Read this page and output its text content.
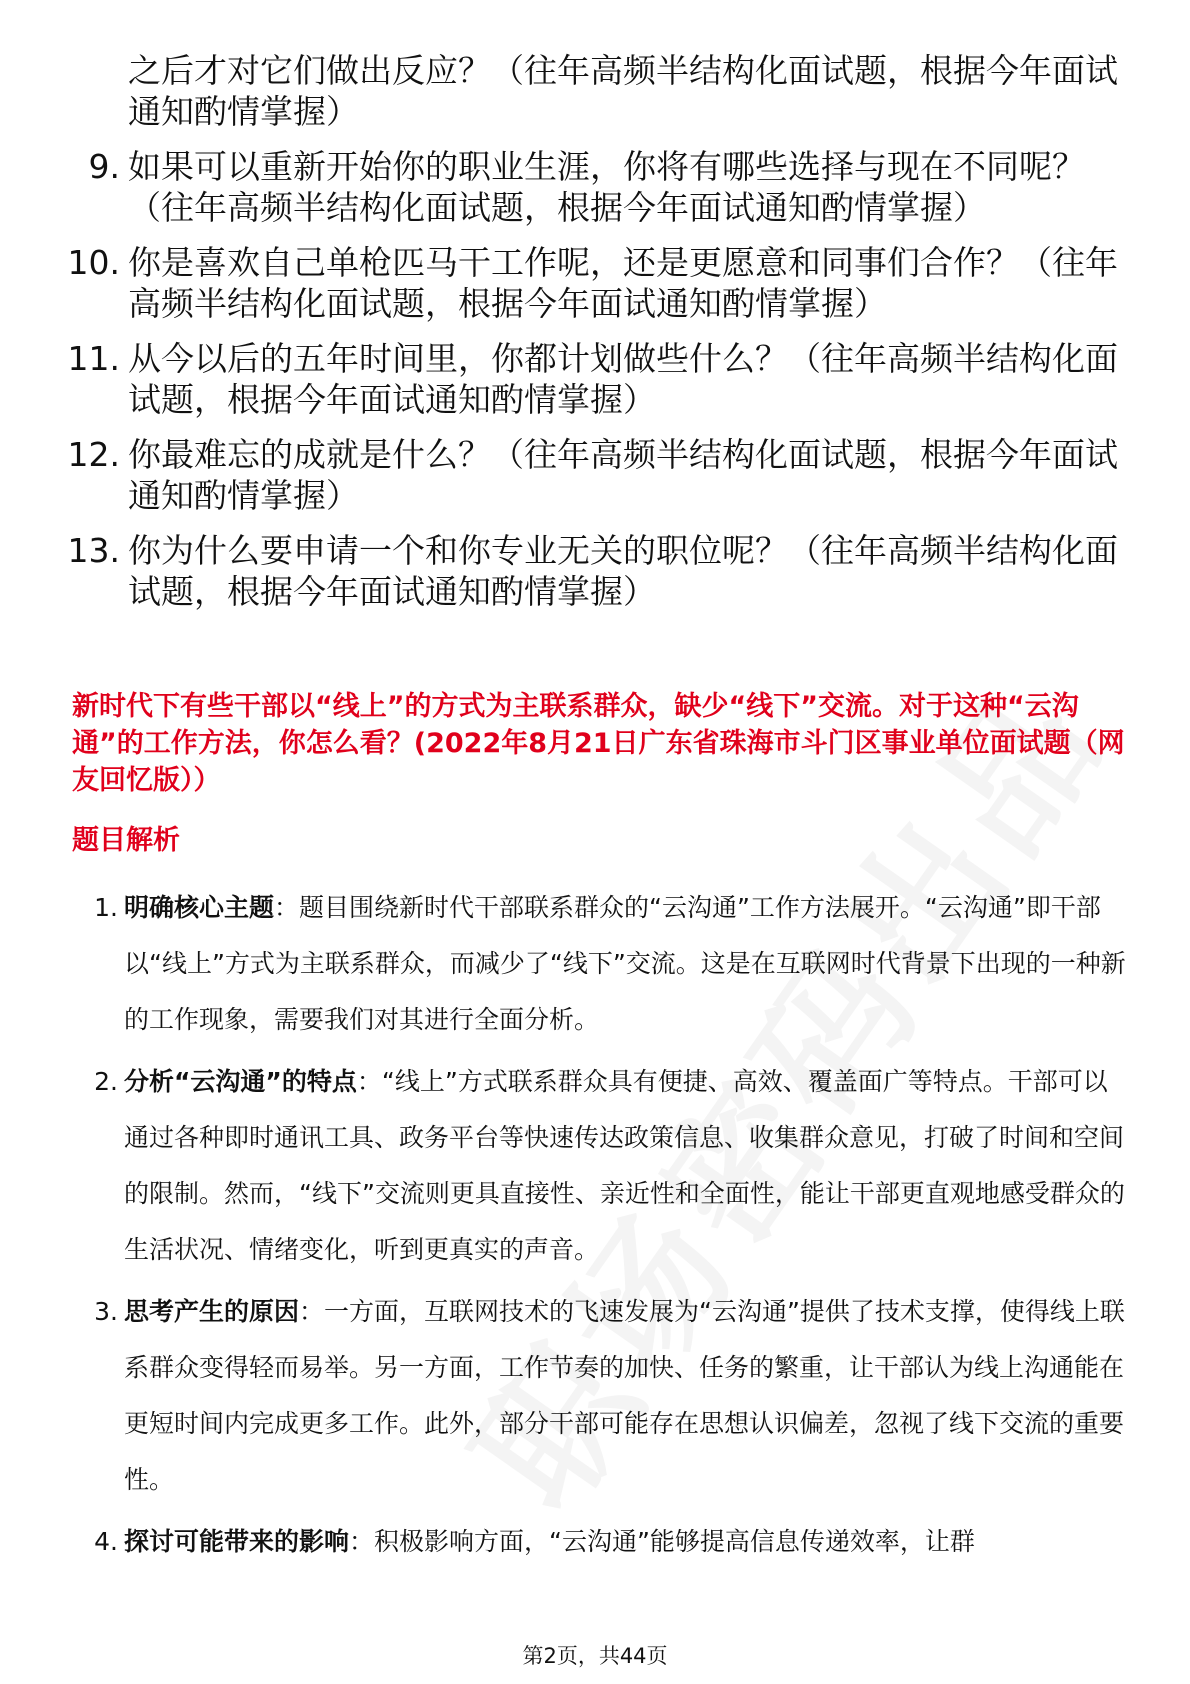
之后才对它们做出反应？（往年高频半结构化面试题，根据今年面试通知酌情掌握）
9. 如果可以重新开始你的职业生涯，你将有哪些选择与现在不同呢？（往年高频半结构化面试题，根据今年面试通知酌情掌握）
10. 你是喜欢自己单枪匹马干工作呢，还是更愿意和同事们合作？（往年高频半结构化面试题，根据今年面试通知酌情掌握）
11. 从今以后的五年时间里，你都计划做些什么？（往年高频半结构化面试题，根据今年面试通知酌情掌握）
12. 你最难忘的成就是什么？（往年高频半结构化面试题，根据今年面试通知酌情掌握）
13. 你为什么要申请一个和你专业无关的职位呢？（往年高频半结构化面试题，根据今年面试通知酌情掌握）
新时代下有些干部以“线上”的方式为主联系群众，缺少“线下”交流。对于这种“云沟通”的工作方法，你怎么看？(2022年8月21日广东省珠海市斗门区事业单位面试题（网友回忆版））
题目解析
1. 明确核心主题：题目围绕新时代干部联系群众的“云沟通”工作方法展开。“云沟通”即干部以“线上”方式为主联系群众，而减少了“线下”交流。这是在互联网时代背景下出现的一种新的工作现象，需要我们对其进行全面分析。
2. 分析“云沟通”的特点：“线上”方式联系群众具有便捷、高效、覆盖面广等特点。干部可以通过各种即时通讯工具、政务平台等快速传达政策信息、收集群众意见，打破了时间和空间的限制。然而，“线下”交流则更具直接性、亲近性和全面性，能让干部更直观地感受群众的生活状况、情绪变化，听到更真实的声音。
3. 思考产生的原因：一方面，互联网技术的飞速发展为“云沟通”提供了技术支撑，使得线上联系群众变得轻而易举。另一方面，工作节奏的加快、任务的繁重，让干部认为线上沟通能在更短时间内完成更多工作。此外，部分干部可能存在思想认识偏差，忽视了线下交流的重要性。
4. 探讨可能带来的影响：积极影响方面，“云沟通”能够提高信息传递效率，让群
第2页，共44页
